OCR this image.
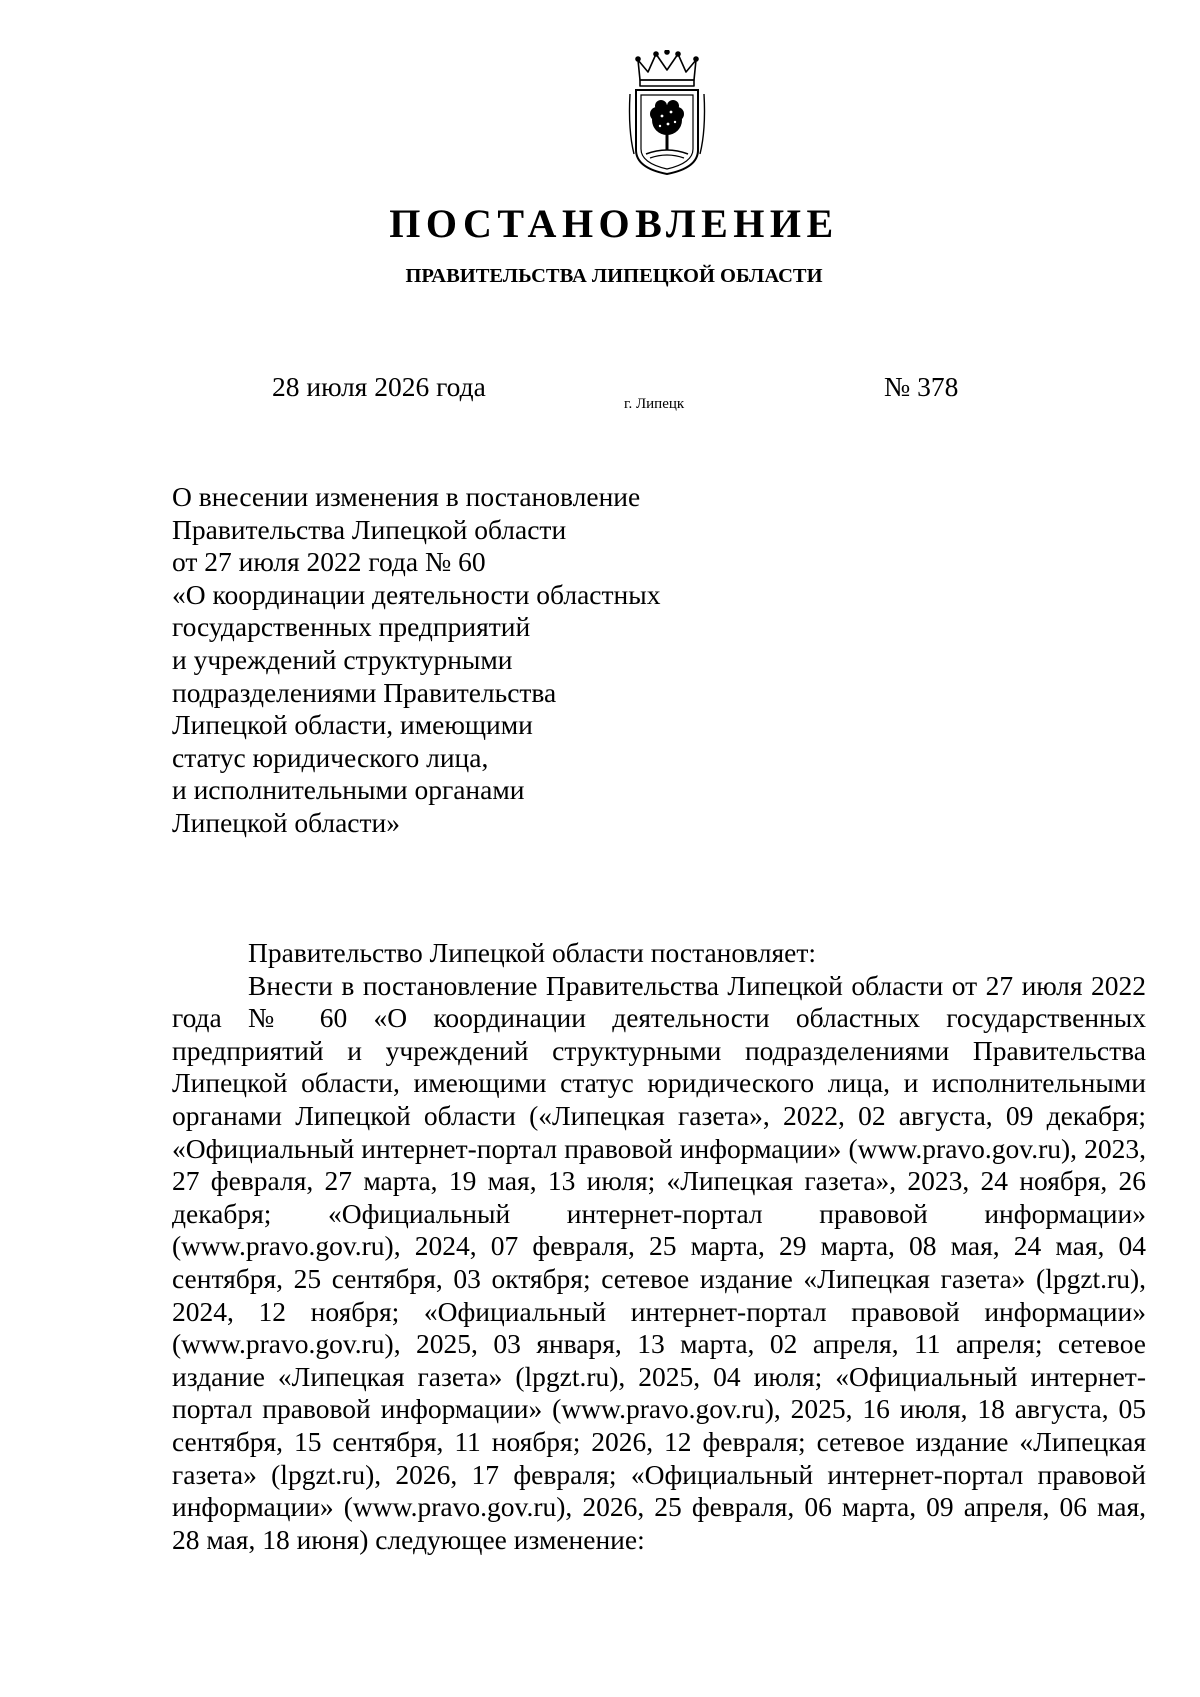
ПОСТАНОВЛЕНИЕ
ПРАВИТЕЛЬСТВА ЛИПЕЦКОЙ ОБЛАСТИ
28 июля 2026 года
г. Липецк
№ 378
О внесении изменения в постановление
Правительства Липецкой области
от 27 июля 2022 года № 60
«О координации деятельности областных
государственных предприятий
и учреждений структурными
подразделениями Правительства
Липецкой области, имеющими
статус юридического лица,
и исполнительными органами
Липецкой области»

Правительство Липецкой области постановляет:

Внести в постановление Правительства Липецкой области от 27 июля 2022 года № 60 «О координации деятельности областных государственных предприятий и учреждений структурными подразделениями Правительства Липецкой области, имеющими статус юридического лица, и исполнительными органами Липецкой области («Липецкая газета», 2022, 02 августа, 09 декабря; «Официальный интернет-портал правовой информации» (www.pravo.gov.ru), 2023, 27 февраля, 27 марта, 19 мая, 13 июля; «Липецкая газета», 2023, 24 ноября, 26 декабря; «Официальный интернет-портал правовой информации» (www.pravo.gov.ru), 2024, 07 февраля, 25 марта, 29 марта, 08 мая, 24 мая, 04 сентября, 25 сентября, 03 октября; сетевое издание «Липецкая газета» (lpgzt.ru), 2024, 12 ноября; «Официальный интернет-портал правовой информации» (www.pravo.gov.ru), 2025, 03 января, 13 марта, 02 апреля, 11 апреля; сетевое издание «Липецкая газета» (lpgzt.ru), 2025, 04 июля; «Официальный интернет-портал правовой информации» (www.pravo.gov.ru), 2025, 16 июля, 18 августа, 05 сентября, 15 сентября, 11 ноября; 2026, 12 февраля; сетевое издание «Липецкая газета» (lpgzt.ru), 2026, 17 февраля; «Официальный интернет-портал правовой информации» (www.pravo.gov.ru), 2026, 25 февраля, 06 марта, 09 апреля, 06 мая, 28 мая, 18 июня) следующее изменение:
